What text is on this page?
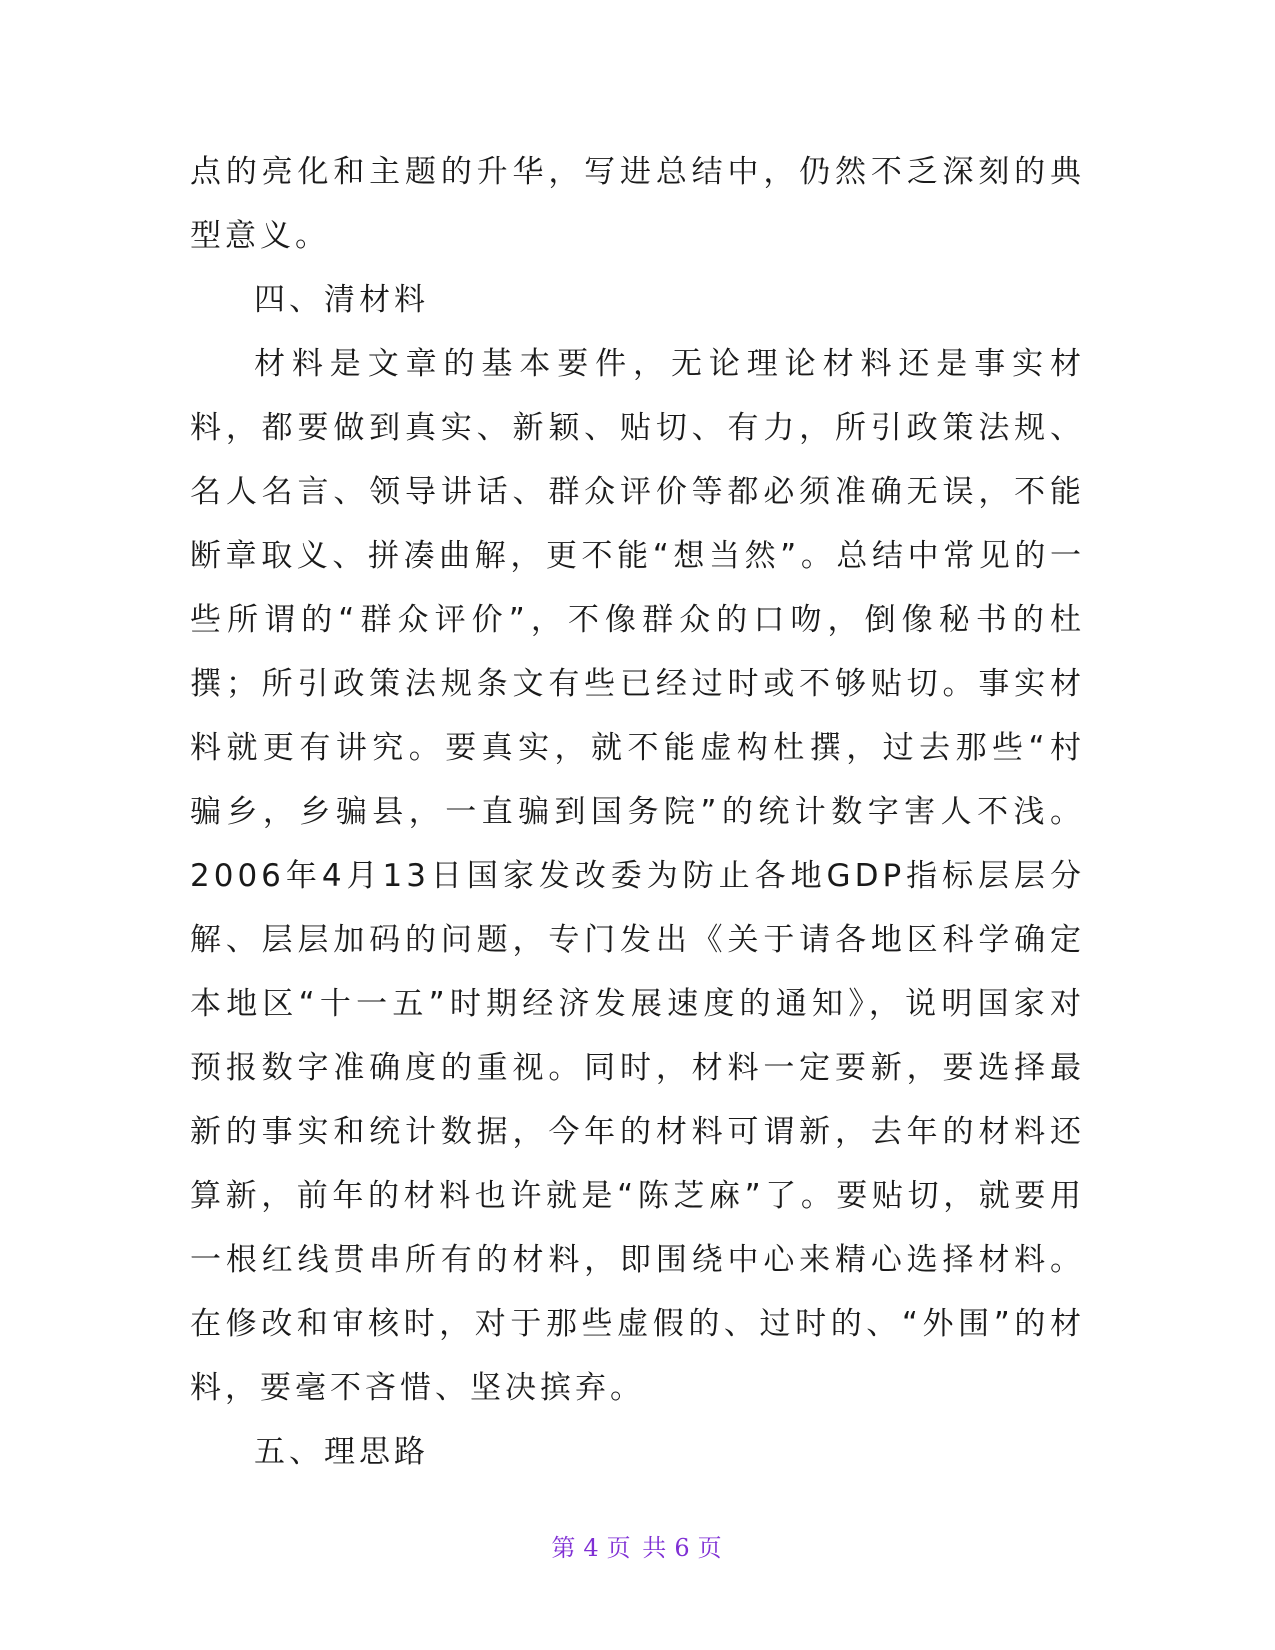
点的亮化和主题的升华，写进总结中，仍然不乏深刻的典型意义。

四、清材料

材料是文章的基本要件，无论理论材料还是事实材料，都要做到真实、新颖、贴切、有力，所引政策法规、名人名言、领导讲话、群众评价等都必须准确无误，不能断章取义、拼凑曲解，更不能“想当然”。总结中常见的一些所谓的“群众评价”，不像群众的口吻，倒像秘书的杜撰；所引政策法规条文有些已经过时或不够贴切。事实材料就更有讲究。要真实，就不能虚构杜撰，过去那些“村骗乡，乡骗县，一直骗到国务院”的统计数字害人不浅。2006年4月13日国家发改委为防止各地GDP指标层层分解、层层加码的问题，专门发出《关于请各地区科学确定本地区“十一五”时期经济发展速度的通知》，说明国家对预报数字准确度的重视。同时，材料一定要新，要选择最新的事实和统计数据，今年的材料可谓新，去年的材料还算新，前年的材料也许就是“陈芝麻”了。要贴切，就要用一根红线贯串所有的材料，即围绕中心来精心选择材料。在修改和审核时，对于那些虚假的、过时的、“外围”的材料，要毫不吝惜、坚决摈弃。

五、理思路

第 4 页 共 6 页
